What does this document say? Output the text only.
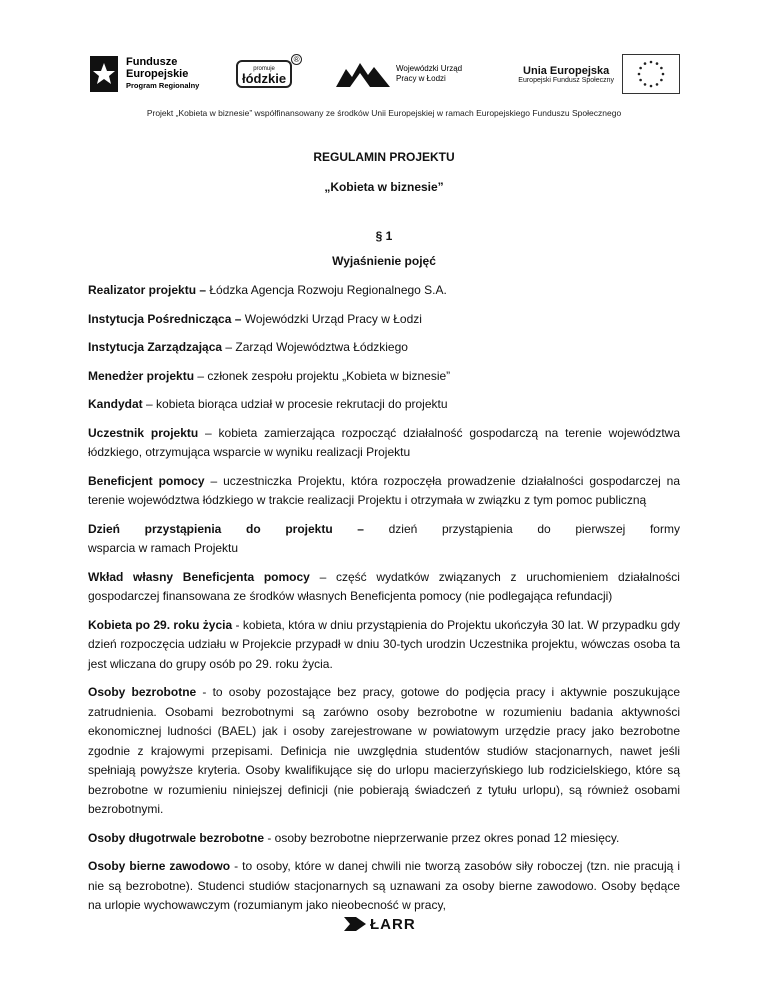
Fundusze
Europejskie
Program Regionalny
promuje
łódzkie
®
Wojewódzki Urząd
Pracy w Łodzi
Unia Europejska
Europejski Fundusz Społeczny
Projekt „Kobieta w biznesie” współfinansowany ze środków Unii Europejskiej w ramach Europejskiego Funduszu Społecznego
REGULAMIN PROJEKTU
„Kobieta w biznesie”
§ 1
Wyjaśnienie pojęć

Realizator projektu – Łódzka Agencja Rozwoju Regionalnego S.A.

Instytucja Pośrednicząca – Wojewódzki Urząd Pracy w Łodzi

Instytucja Zarządzająca – Zarząd Województwa Łódzkiego

Menedżer projektu – członek zespołu projektu „Kobieta w biznesie”

Kandydat – kobieta biorąca udział w procesie rekrutacji do projektu

Uczestnik projektu – kobieta zamierzająca rozpocząć działalność gospodarczą na terenie województwa łódzkiego, otrzymująca wsparcie w wyniku realizacji Projektu

Beneficjent pomocy – uczestniczka Projektu, która rozpoczęła prowadzenie działalności gospodarczej na terenie województwa łódzkiego w trakcie realizacji Projektu i otrzymała w związku z tym pomoc publiczną

Dzień przystąpienia do projektu – dzień przystąpienia do pierwszej formy
wsparcia w ramach Projektu

Wkład własny Beneficjenta pomocy – część wydatków związanych z uruchomieniem działalności gospodarczej finansowana ze środków własnych Beneficjenta pomocy (nie podlegająca refundacji)

Kobieta po 29. roku życia - kobieta, która w dniu przystąpienia do Projektu ukończyła 30 lat. W przypadku gdy dzień rozpoczęcia udziału w Projekcie przypadł w dniu 30-tych urodzin Uczestnika projektu, wówczas osoba ta jest wliczana do grupy osób po 29. roku życia.

Osoby bezrobotne - to osoby pozostające bez pracy, gotowe do podjęcia pracy i aktywnie poszukujące zatrudnienia. Osobami bezrobotnymi są zarówno osoby bezrobotne w rozumieniu badania aktywności ekonomicznej ludności (BAEL) jak i osoby zarejestrowane w powiatowym urzędzie pracy jako bezrobotne zgodnie z krajowymi przepisami. Definicja nie uwzględnia studentów studiów stacjonarnych, nawet jeśli spełniają powyższe kryteria. Osoby kwalifikujące się do urlopu macierzyńskiego lub rodzicielskiego, które są bezrobotne w rozumieniu niniejszej definicji (nie pobierają świadczeń z tytułu urlopu), są również osobami bezrobotnymi.

Osoby długotrwale bezrobotne - osoby bezrobotne nieprzerwanie przez okres ponad 12 miesięcy.

Osoby bierne zawodowo - to osoby, które w danej chwili nie tworzą zasobów siły roboczej (tzn. nie pracują i nie są bezrobotne). Studenci studiów stacjonarnych są uznawani za osoby bierne zawodowo. Osoby będące na urlopie wychowawczym (rozumianym jako nieobecność w pracy,

ŁARR
